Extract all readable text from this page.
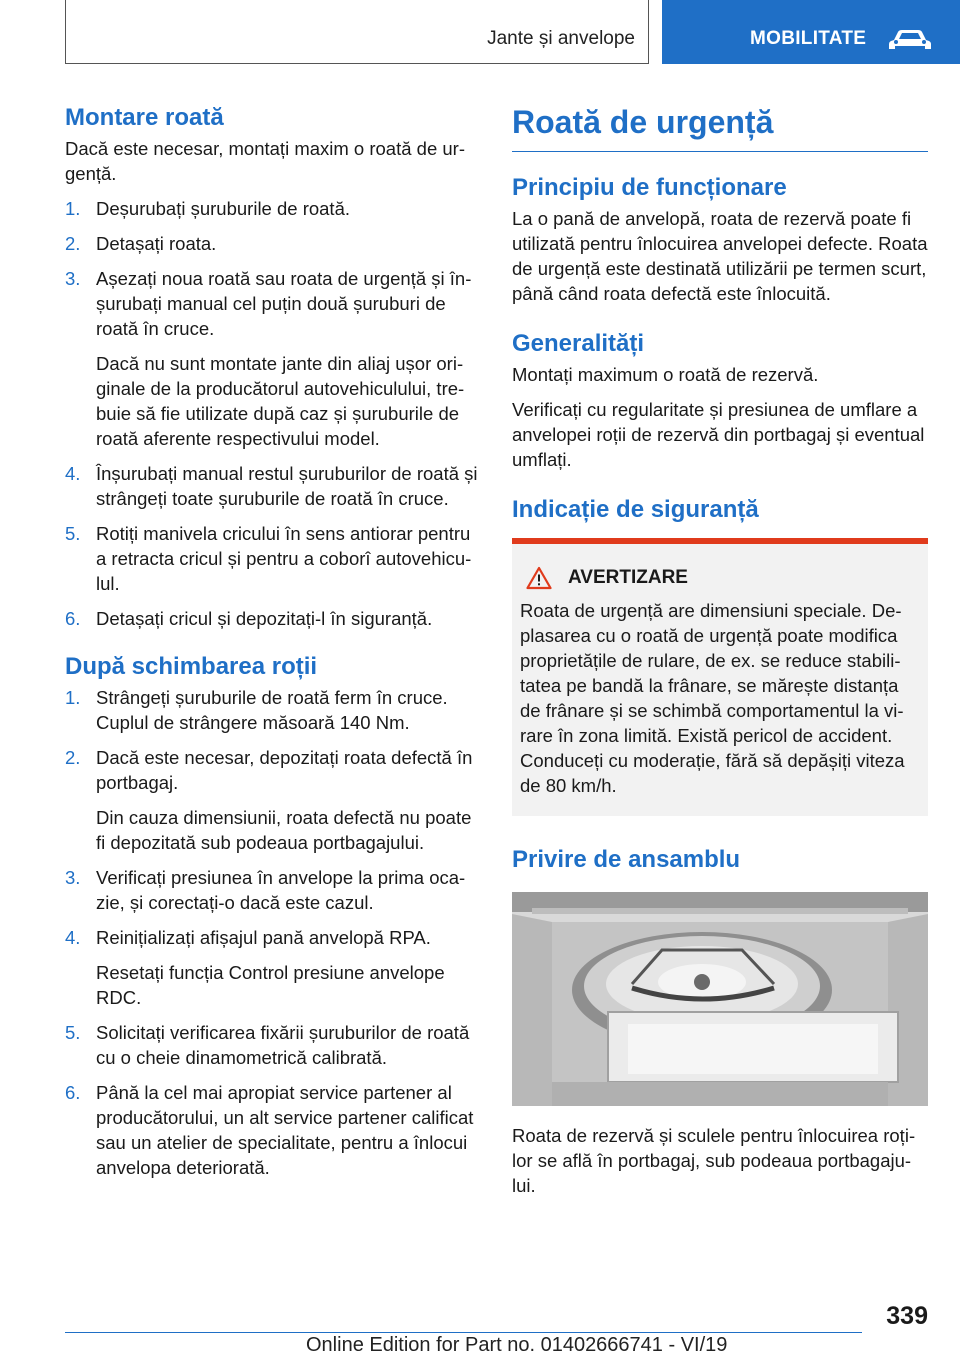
Jante și anvelope	MOBILITATE
Montare roată

Dacă este necesar, montați maxim o roată de urgență.

1. Deșurubați șuruburile de roată.
2. Detașați roata.
3. Așezați noua roată sau roata de urgență și înșurubați manual cel puțin două șuruburi de roată în cruce.
Dacă nu sunt montate jante din aliaj ușor originale de la producătorul autovehiculului, trebuie să fie utilizate după caz și șuruburile de roată aferente respectivului model.
4. Înșurubați manual restul șuruburilor de roată și strângeți toate șuruburile de roată în cruce.
5. Rotiți manivela cricului în sens antiorar pentru a retracta cricul și pentru a coborî autovehiculul.
6. Detașați cricul și depozitați-l în siguranță.
După schimbarea roții
1. Strângeți șuruburile de roată ferm în cruce. Cuplul de strângere măsoară 140 Nm.
2. Dacă este necesar, depozitați roata defectă în portbagaj.
Din cauza dimensiunii, roata defectă nu poate fi depozitată sub podeaua portbagajului.
3. Verificați presiunea în anvelope la prima ocazie, și corectați-o dacă este cazul.
4. Reinițializați afișajul pană anvelopă RPA.
Resetați funcția Control presiune anvelope RDC.
5. Solicitați verificarea fixării șuruburilor de roată cu o cheie dinamometrică calibrată.
6. Până la cel mai apropiat service partener al producătorului, un alt service partener calificat sau un atelier de specialitate, pentru a înlocui anvelopa deteriorată.
Roată de urgență
Principiu de funcționare

La o pană de anvelopă, roata de rezervă poate fi utilizată pentru înlocuirea anvelopei defecte. Roata de urgență este destinată utilizării pe termen scurt, până când roata defectă este înlocuită.

Generalități

Montați maximum o roată de rezervă.

Verificați cu regularitate și presiunea de umflare a anvelopei roții de rezervă din portbagaj și eventual umflați.

Indicație de siguranță
AVERTIZARE

Roata de urgență are dimensiuni speciale. Deplasarea cu o roată de urgență poate modifica proprietățile de rulare, de ex. se reduce stabilitatea pe bandă la frânare, se mărește distanța de frânare și se schimbă comportamentul la virare în zona limită. Există pericol de accident. Conduceți cu moderație, fără să depășiți viteza de 80 km/h.

Privire de ansamblu

Roata de rezervă și sculele pentru înlocuirea roților se află în portbagaj, sub podeaua portbagajului.

339
Online Edition for Part no. 01402666741 - VI/19
